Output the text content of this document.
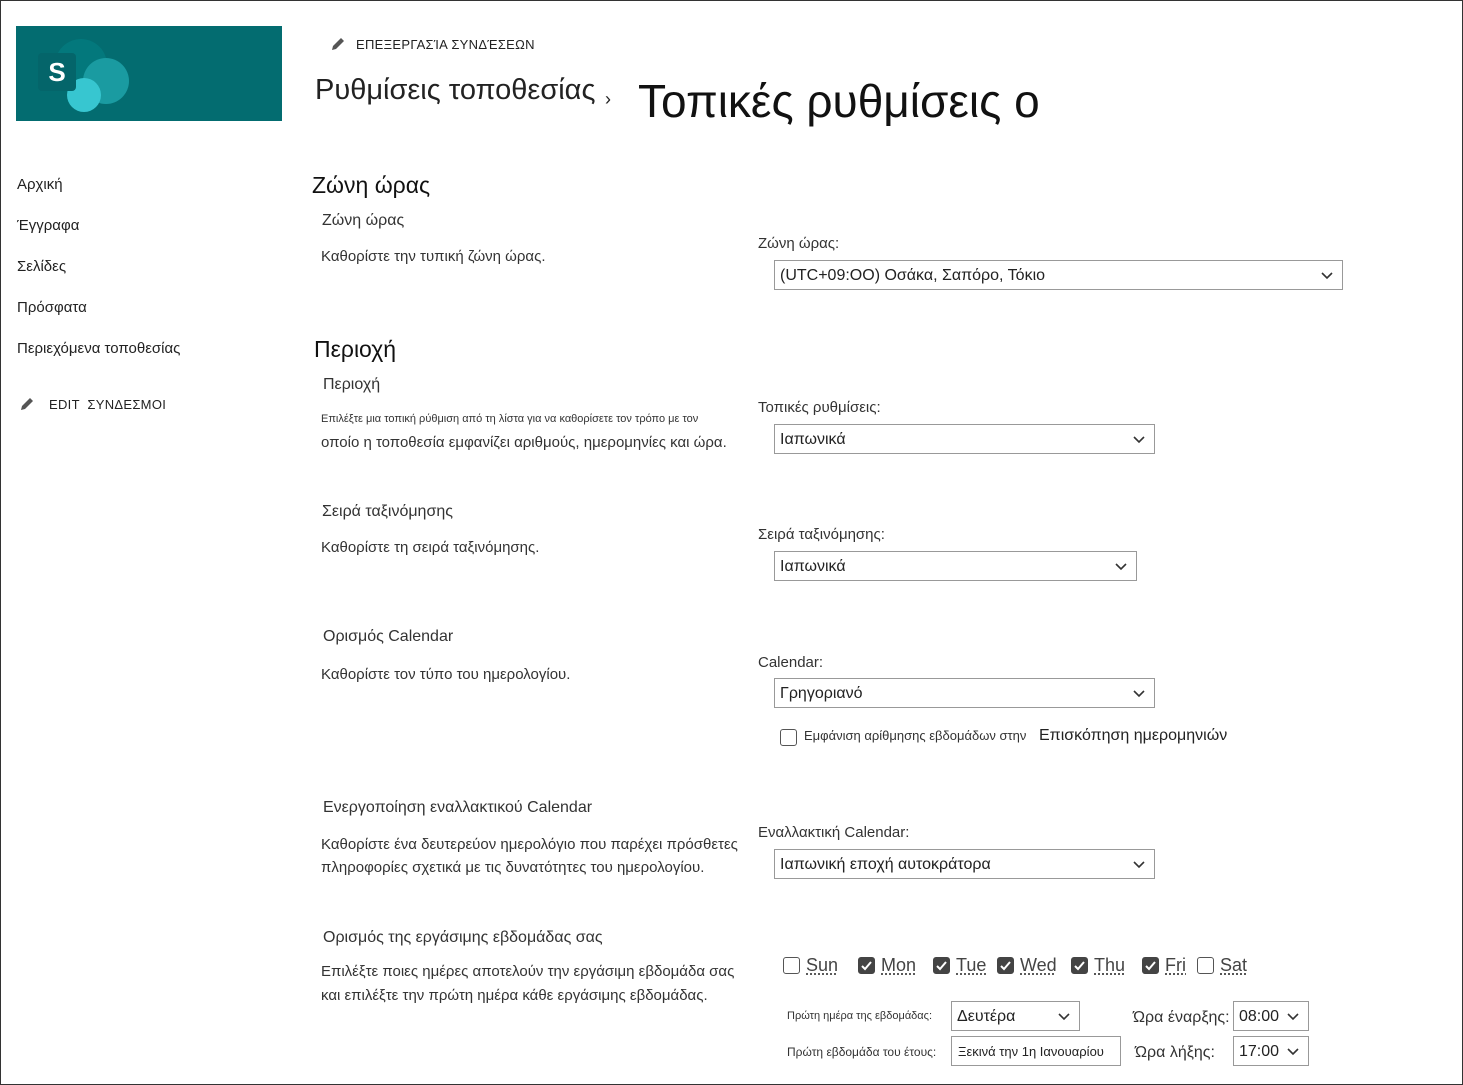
S
ΕΠΕΞΕΡΓΑΣΊΑ ΣΥΝΔΈΣΕΩΝ
Ρυθμίσεις τοποθεσίας › Τοπικές ρυθμίσεις ο
Αρχική
Έγγραφα
Σελίδες
Πρόσφατα
Περιεχόμενα τοποθεσίας
EDIT  ΣΥΝΔΕΣΜΟΙ
Ζώνη ώρας
Ζώνη ώρας
Καθορίστε την τυπική ζώνη ώρας.
Ζώνη ώρας:
(UTC+09:OO) Οσάκα, Σαπόρο, Τόκιο
Περιοχή
Περιοχή
Επιλέξτε μια τοπική ρύθμιση από τη λίστα για να καθορίσετε τον τρόπο με τον
οποίο η τοποθεσία εμφανίζει αριθμούς, ημερομηνίες και ώρα.
Τοπικές ρυθμίσεις:
Ιαπωνικά
Σειρά ταξινόμησης
Καθορίστε τη σειρά ταξινόμησης.
Σειρά ταξινόμησης:
Ιαπωνικά
Ορισμός Calendar
Καθορίστε τον τύπο του ημερολογίου.
Calendar:
Γρηγοριανό
Εμφάνιση αρίθμησης εβδομάδων στην Επισκόπηση ημερομηνιών
Ενεργοποίηση εναλλακτικού Calendar
Καθορίστε ένα δευτερεύον ημερολόγιο που παρέχει πρόσθετες
πληροφορίες σχετικά με τις δυνατότητες του ημερολογίου.
Εναλλακτική Calendar:
Ιαπωνική εποχή αυτοκράτορα
Ορισμός της εργάσιμης εβδομάδας σας
Επιλέξτε ποιες ημέρες αποτελούν την εργάσιμη εβδομάδα σας
και επιλέξτε την πρώτη ημέρα κάθε εργάσιμης εβδομάδας.
Sun Mon Tue Wed Thu Fri Sat
Πρώτη ημέρα της εβδομάδας:	Δευτέρα	Ώρα έναρξης: 08:00
Πρώτη εβδομάδα του έτους:	Ξεκινά την 1η Ιανουαρίου	Ώρα λήξης:	17:00
